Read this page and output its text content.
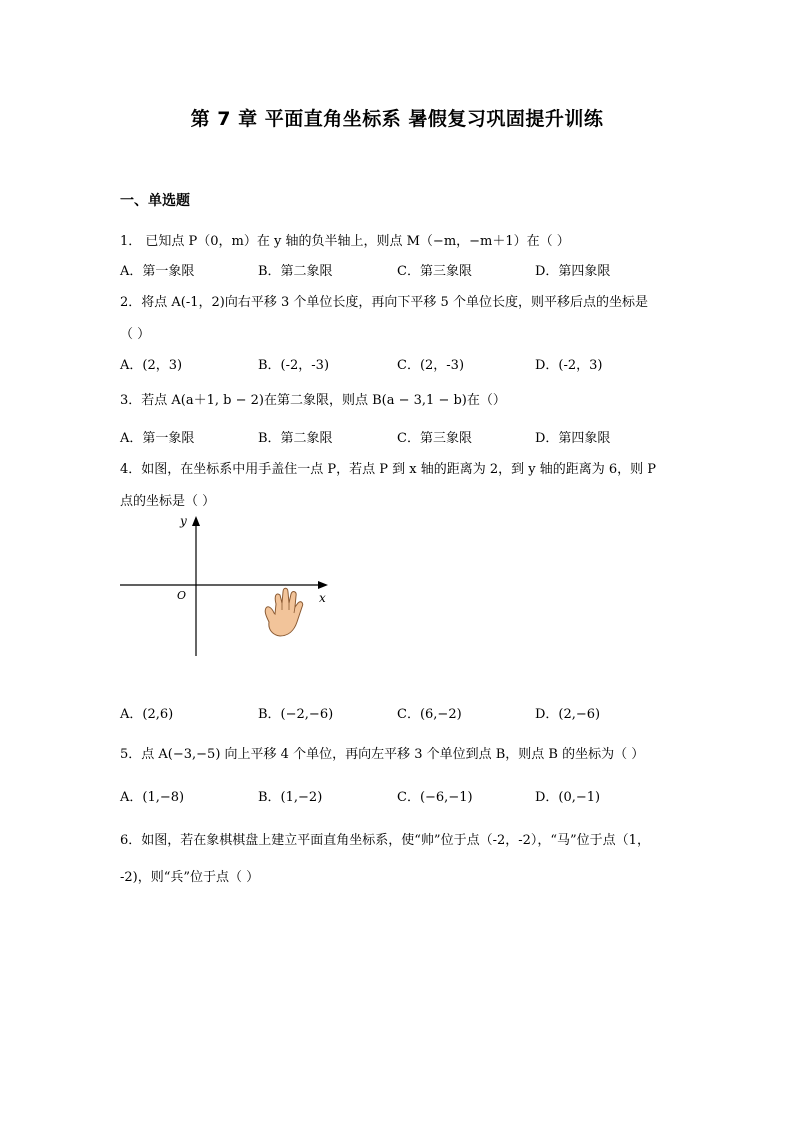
第 7 章 平面直角坐标系 暑假复习巩固提升训练
一、单选题
1． 已知点 P（0，m）在 y 轴的负半轴上，则点 M（−m，−m＋1）在（ ）
A．第一象限	B．第二象限	C．第三象限	D．第四象限
2．将点 A(-1，2)向右平移 3 个单位长度，再向下平移 5 个单位长度，则平移后点的坐标是
（ ）
A．(2，3)	B．(-2，-3)	C．(2，-3)	D．(-2，3)
3．若点 A(a＋1, b − 2)在第二象限，则点 B(a − 3,1 − b)在（）
A．第一象限	B．第二象限	C．第三象限	D．第四象限
4．如图，在坐标系中用手盖住一点 P，若点 P 到 x 轴的距离为 2，到 y 轴的距离为 6，则 P
点的坐标是（ ）
y
x
O
A．(2,6)	B．(−2,−6)	C．(6,−2)	D．(2,−6)
5．点 A(−3,−5) 向上平移 4 个单位，再向左平移 3 个单位到点 B，则点 B 的坐标为（ ）
A．(1,−8)	B．(1,−2)	C．(−6,−1)	D．(0,−1)
6．如图，若在象棋棋盘上建立平面直角坐标系，使“帅”位于点（-2，-2），“马”位于点（1，
-2)，则“兵”位于点（ ）
